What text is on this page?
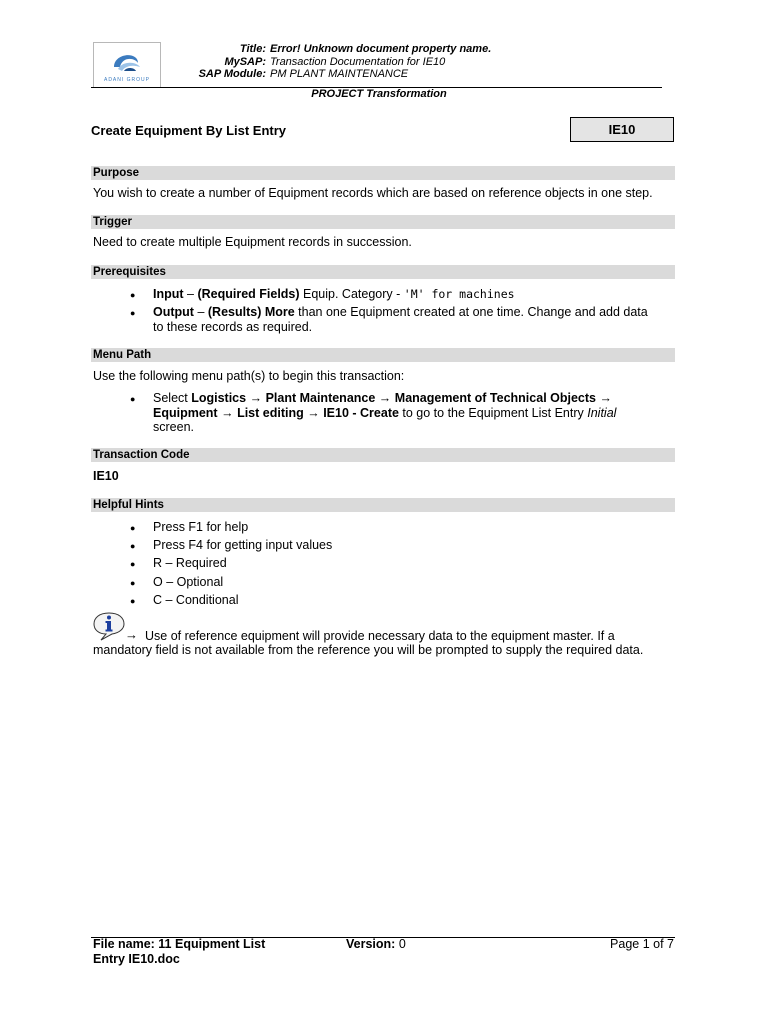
ADANI GROUP
Title: Error! Unknown document property name.
MySAP: Transaction Documentation for IE10
SAP Module: PM PLANT MAINTENANCE
PROJECT Transformation
Create Equipment By List Entry	IE10
Purpose
You wish to create a number of Equipment records which are based on reference objects in one step.
Trigger
Need to create multiple Equipment records in succession.
Prerequisites
● Input – (Required Fields) Equip. Category - 'M' for machines
● Output – (Results) More than one Equipment created at one time. Change and add data
to these records as required.
Menu Path
Use the following menu path(s) to begin this transaction:
● Select Logistics → Plant Maintenance → Management of Technical Objects →
Equipment → List editing → IE10 - Create to go to the Equipment List Entry Initial
screen.
Transaction Code
IE10
Helpful Hints
● Press F1 for help
● Press F4 for getting input values
● R – Required
● O – Optional
● C – Conditional
→ Use of reference equipment will provide necessary data to the equipment master. If a
mandatory field is not available from the reference you will be prompted to supply the required data.
File name: 11 Equipment List
Entry IE10.doc
Version: 0	Page 1 of 7
